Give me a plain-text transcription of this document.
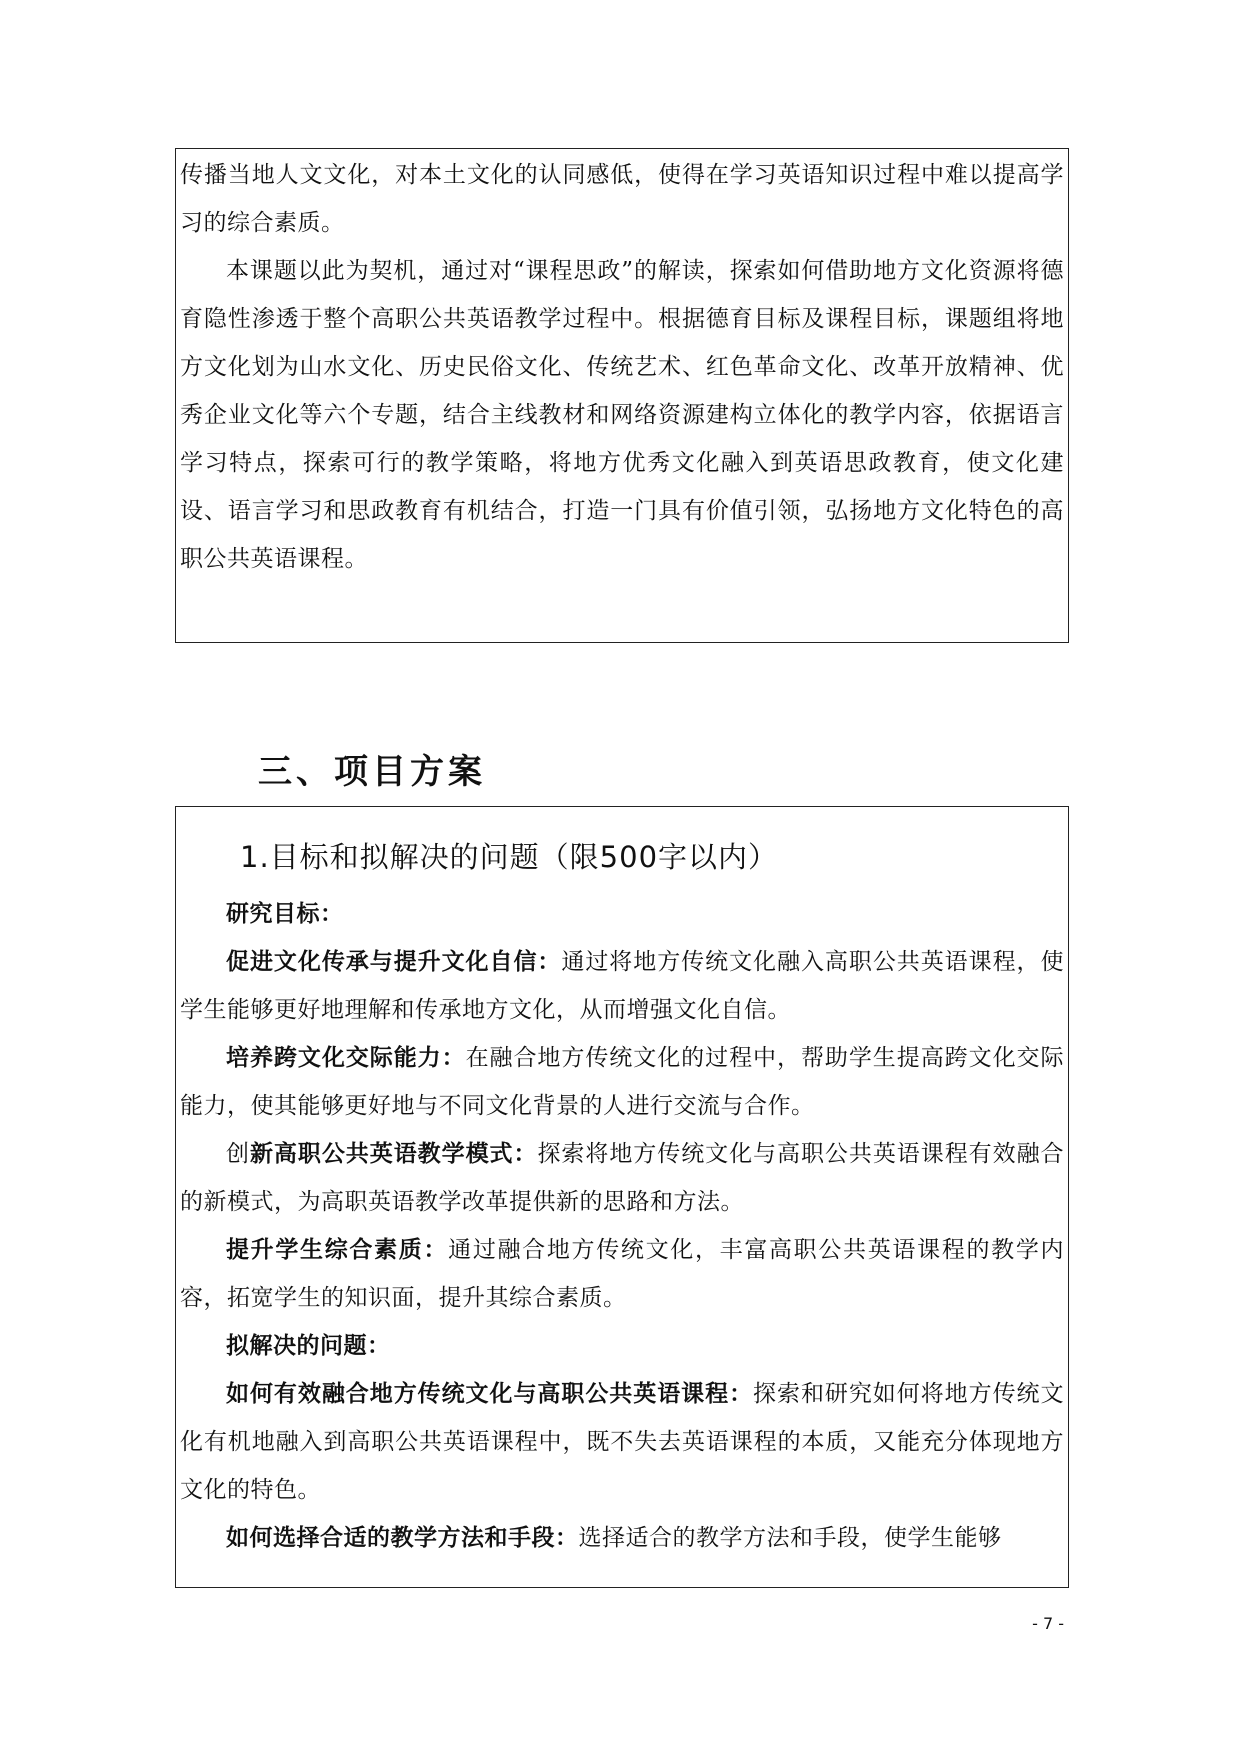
传播当地人文文化，对本土文化的认同感低，使得在学习英语知识过程中难以提高学习的综合素质。

本课题以此为契机，通过对“课程思政”的解读，探索如何借助地方文化资源将德育隐性渗透于整个高职公共英语教学过程中。根据德育目标及课程目标，课题组将地方文化划为山水文化、历史民俗文化、传统艺术、红色革命文化、改革开放精神、优秀企业文化等六个专题，结合主线教材和网络资源建构立体化的教学内容，依据语言学习特点，探索可行的教学策略，将地方优秀文化融入到英语思政教育，使文化建设、语言学习和思政教育有机结合，打造一门具有价值引领，弘扬地方文化特色的高职公共英语课程。

三、项目方案
1.目标和拟解决的问题（限500字以内）

研究目标：

促进文化传承与提升文化自信：通过将地方传统文化融入高职公共英语课程，使学生能够更好地理解和传承地方文化，从而增强文化自信。

培养跨文化交际能力：在融合地方传统文化的过程中，帮助学生提高跨文化交际能力，使其能够更好地与不同文化背景的人进行交流与合作。

创新高职公共英语教学模式：探索将地方传统文化与高职公共英语课程有效融合的新模式，为高职英语教学改革提供新的思路和方法。

提升学生综合素质：通过融合地方传统文化，丰富高职公共英语课程的教学内容，拓宽学生的知识面，提升其综合素质。

拟解决的问题：

如何有效融合地方传统文化与高职公共英语课程：探索和研究如何将地方传统文化有机地融入到高职公共英语课程中，既不失去英语课程的本质，又能充分体现地方文化的特色。

如何选择合适的教学方法和手段：选择适合的教学方法和手段，使学生能够

- 7 -
